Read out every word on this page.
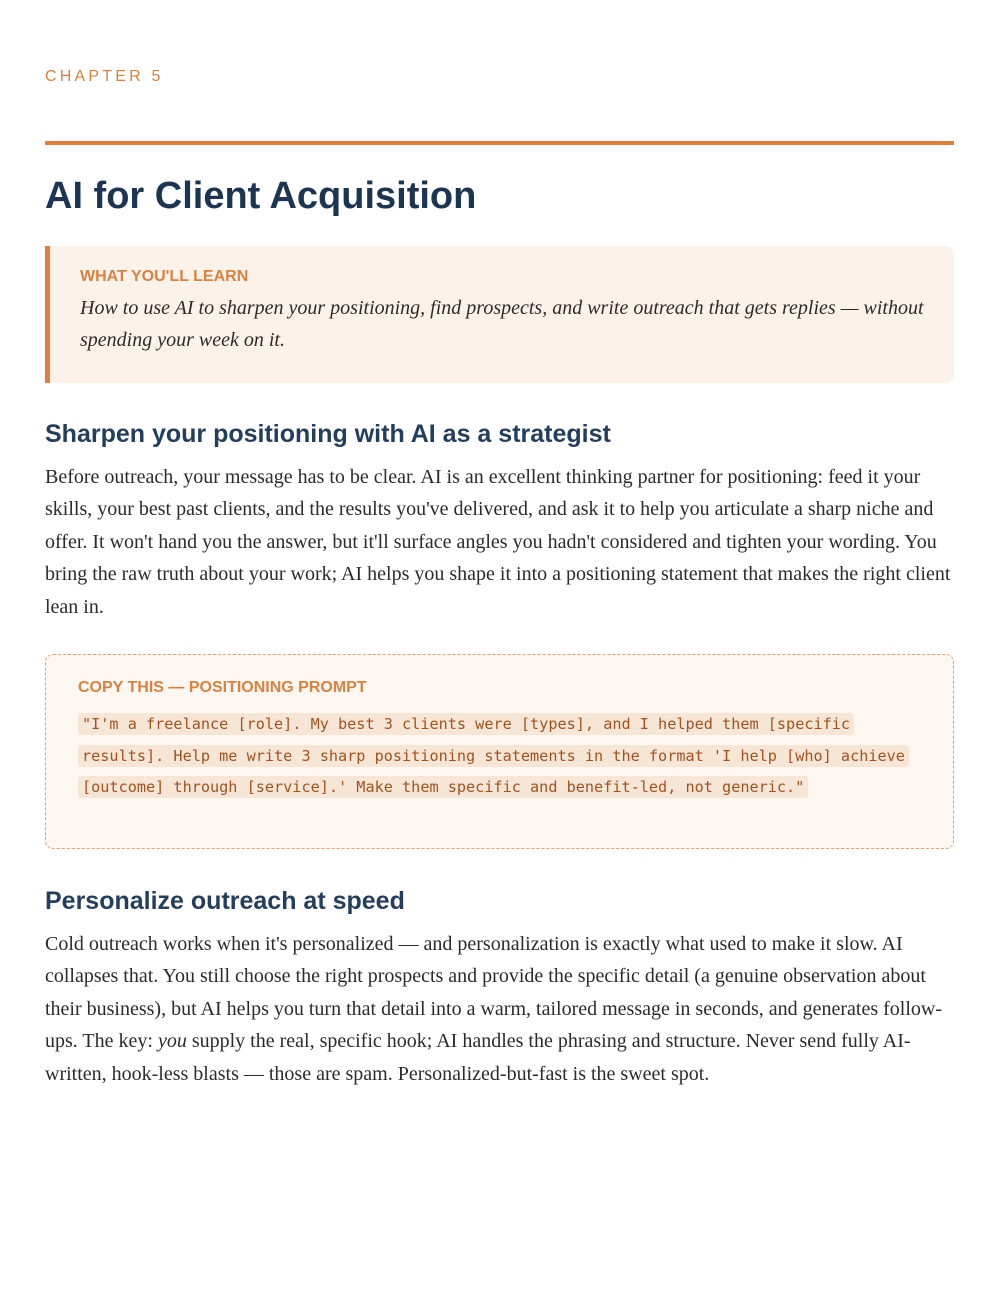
CHAPTER 5
AI for Client Acquisition
WHAT YOU'LL LEARN
How to use AI to sharpen your positioning, find prospects, and write outreach that gets replies — without spending your week on it.
Sharpen your positioning with AI as a strategist

Before outreach, your message has to be clear. AI is an excellent thinking partner for positioning: feed it your skills, your best past clients, and the results you've delivered, and ask it to help you articulate a sharp niche and offer. It won't hand you the answer, but it'll surface angles you hadn't considered and tighten your wording. You bring the raw truth about your work; AI helps you shape it into a positioning statement that makes the right client lean in.

COPY THIS — POSITIONING PROMPT
"I'm a freelance [role]. My best 3 clients were [types], and I helped them [specific results]. Help me write 3 sharp positioning statements in the format 'I help [who] achieve [outcome] through [service].' Make them specific and benefit-led, not generic."
Personalize outreach at speed

Cold outreach works when it's personalized — and personalization is exactly what used to make it slow. AI collapses that. You still choose the right prospects and provide the specific detail (a genuine observation about their business), but AI helps you turn that detail into a warm, tailored message in seconds, and generates follow-ups. The key: you supply the real, specific hook; AI handles the phrasing and structure. Never send fully AI-written, hook-less blasts — those are spam. Personalized-but-fast is the sweet spot.
